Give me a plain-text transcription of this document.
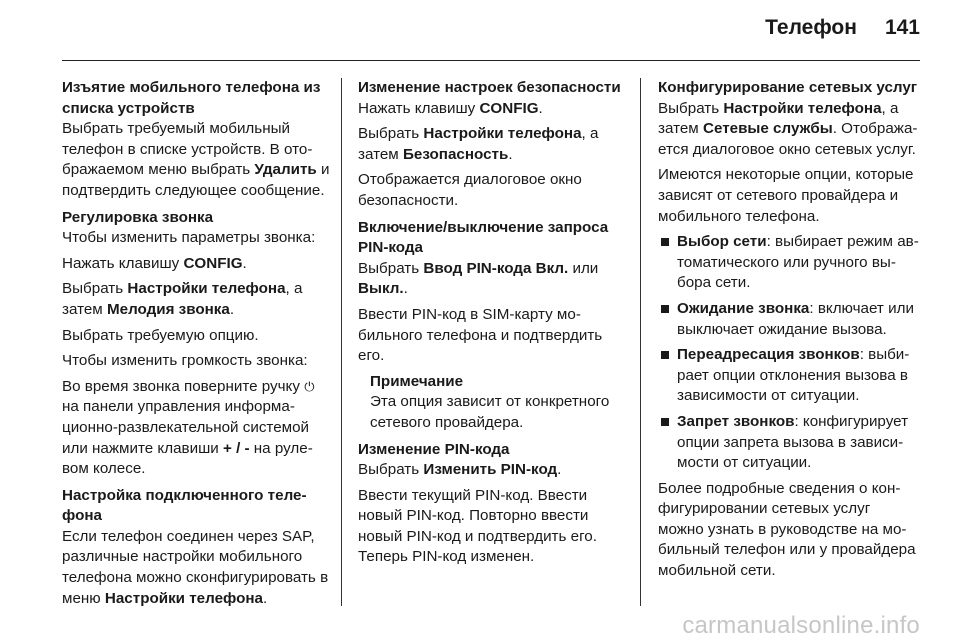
Телефон 141
Изъятие мобильного телефона из списка устройств
Выбрать требуемый мобильный телефон в списке устройств. В отображаемом меню выбрать Удалить и подтвердить следующее сообщение.
Регулировка звонка
Чтобы изменить параметры звонка:
Нажать клавишу CONFIG.
Выбрать Настройки телефона, а затем Мелодия звонка.
Выбрать требуемую опцию.
Чтобы изменить громкость звонка:
Во время звонка поверните ручку ⏻ на панели управления информационно-развлекательной системой или нажмите клавиши + / - на рулевом колесе.
Настройка подключенного телефона
Если телефон соединен через SAP, различные настройки мобильного телефона можно сконфигурировать в меню Настройки телефона.
Изменение настроек безопасности
Нажать клавишу CONFIG.
Выбрать Настройки телефона, а затем Безопасность.
Отображается диалоговое окно безопасности.
Включение/выключение запроса PIN-кода
Выбрать Ввод PIN-кода Вкл. или Выкл..
Ввести PIN-код в SIM-карту мобильного телефона и подтвердить его.
Примечание
Эта опция зависит от конкретного сетевого провайдера.
Изменение PIN-кода
Выбрать Изменить PIN-код.
Ввести текущий PIN-код. Ввести новый PIN-код. Повторно ввести новый PIN-код и подтвердить его. Теперь PIN-код изменен.
Конфигурирование сетевых услуг
Выбрать Настройки телефона, а затем Сетевые службы. Отображается диалоговое окно сетевых услуг.
Имеются некоторые опции, которые зависят от сетевого провайдера и мобильного телефона.
Выбор сети: выбирает режим автоматического или ручного выбора сети.
Ожидание звонка: включает или выключает ожидание вызова.
Переадресация звонков: выбирает опции отклонения вызова в зависимости от ситуации.
Запрет звонков: конфигурирует опции запрета вызова в зависимости от ситуации.
Более подробные сведения о конфигурировании сетевых услуг можно узнать в руководстве на мобильный телефон или у провайдера мобильной сети.
carmanualsonline.info
